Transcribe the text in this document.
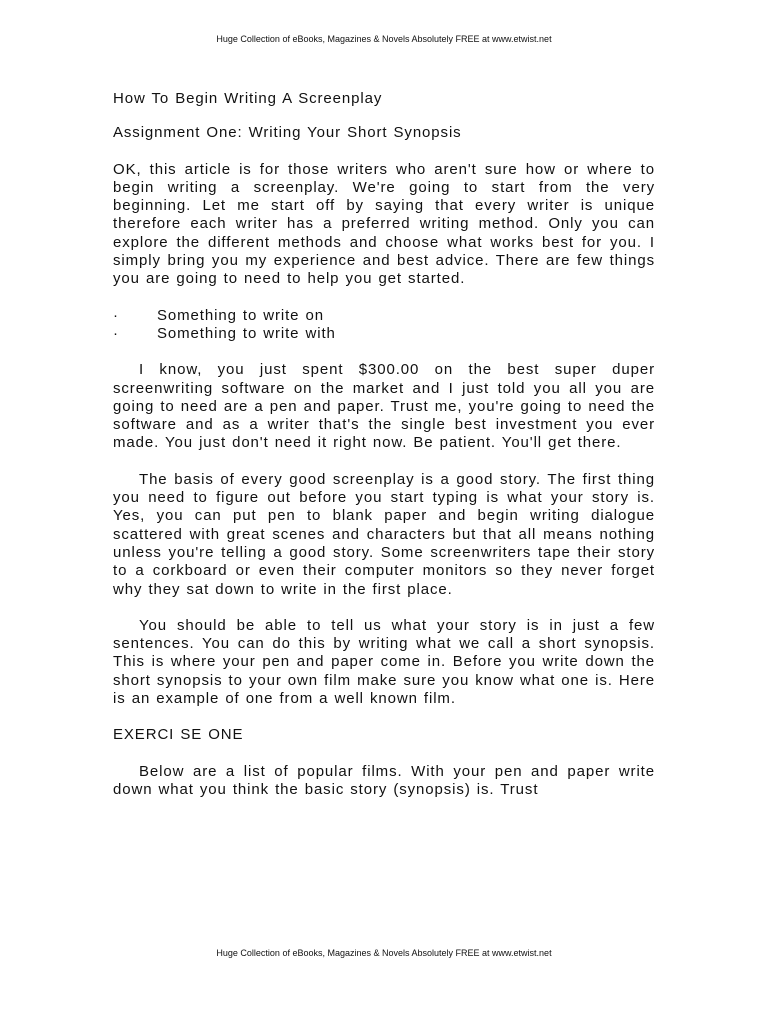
Huge Collection of eBooks, Magazines & Novels Absolutely FREE at www.etwist.net
How To Begin Writing A Screenplay
Assignment One: Writing Your Short Synopsis

OK, this article is for those writers who aren't sure how or where to begin writing a screenplay. We're going to start from the very beginning. Let me start off by saying that every writer is unique therefore each writer has a preferred writing method. Only you can explore the different methods and choose what works best for you. I simply bring you my experience and best advice. There are few things you are going to need to help you get started.

·	Something to write on
·	Something to write with

I know, you just spent $300.00 on the best super duper screenwriting software on the market and I just told you all you are going to need are a pen and paper. Trust me, you're going to need the software and as a writer that's the single best investment you ever made. You just don't need it right now. Be patient. You'll get there.

The basis of every good screenplay is a good story. The first thing you need to figure out before you start typing is what your story is. Yes, you can put pen to blank paper and begin writing dialogue scattered with great scenes and characters but that all means nothing unless you're telling a good story. Some screenwriters tape their story to a corkboard or even their computer monitors so they never forget why they sat down to write in the first place.

You should be able to tell us what your story is in just a few sentences. You can do this by writing what we call a short synopsis. This is where your pen and paper come in. Before you write down the short synopsis to your own film make sure you know what one is. Here is an example of one from a well known film.

EXERCI SE ONE

Below are a list of popular films. With your pen and paper write down what you think the basic story (synopsis) is. Trust

Huge Collection of eBooks, Magazines & Novels Absolutely FREE at www.etwist.net
